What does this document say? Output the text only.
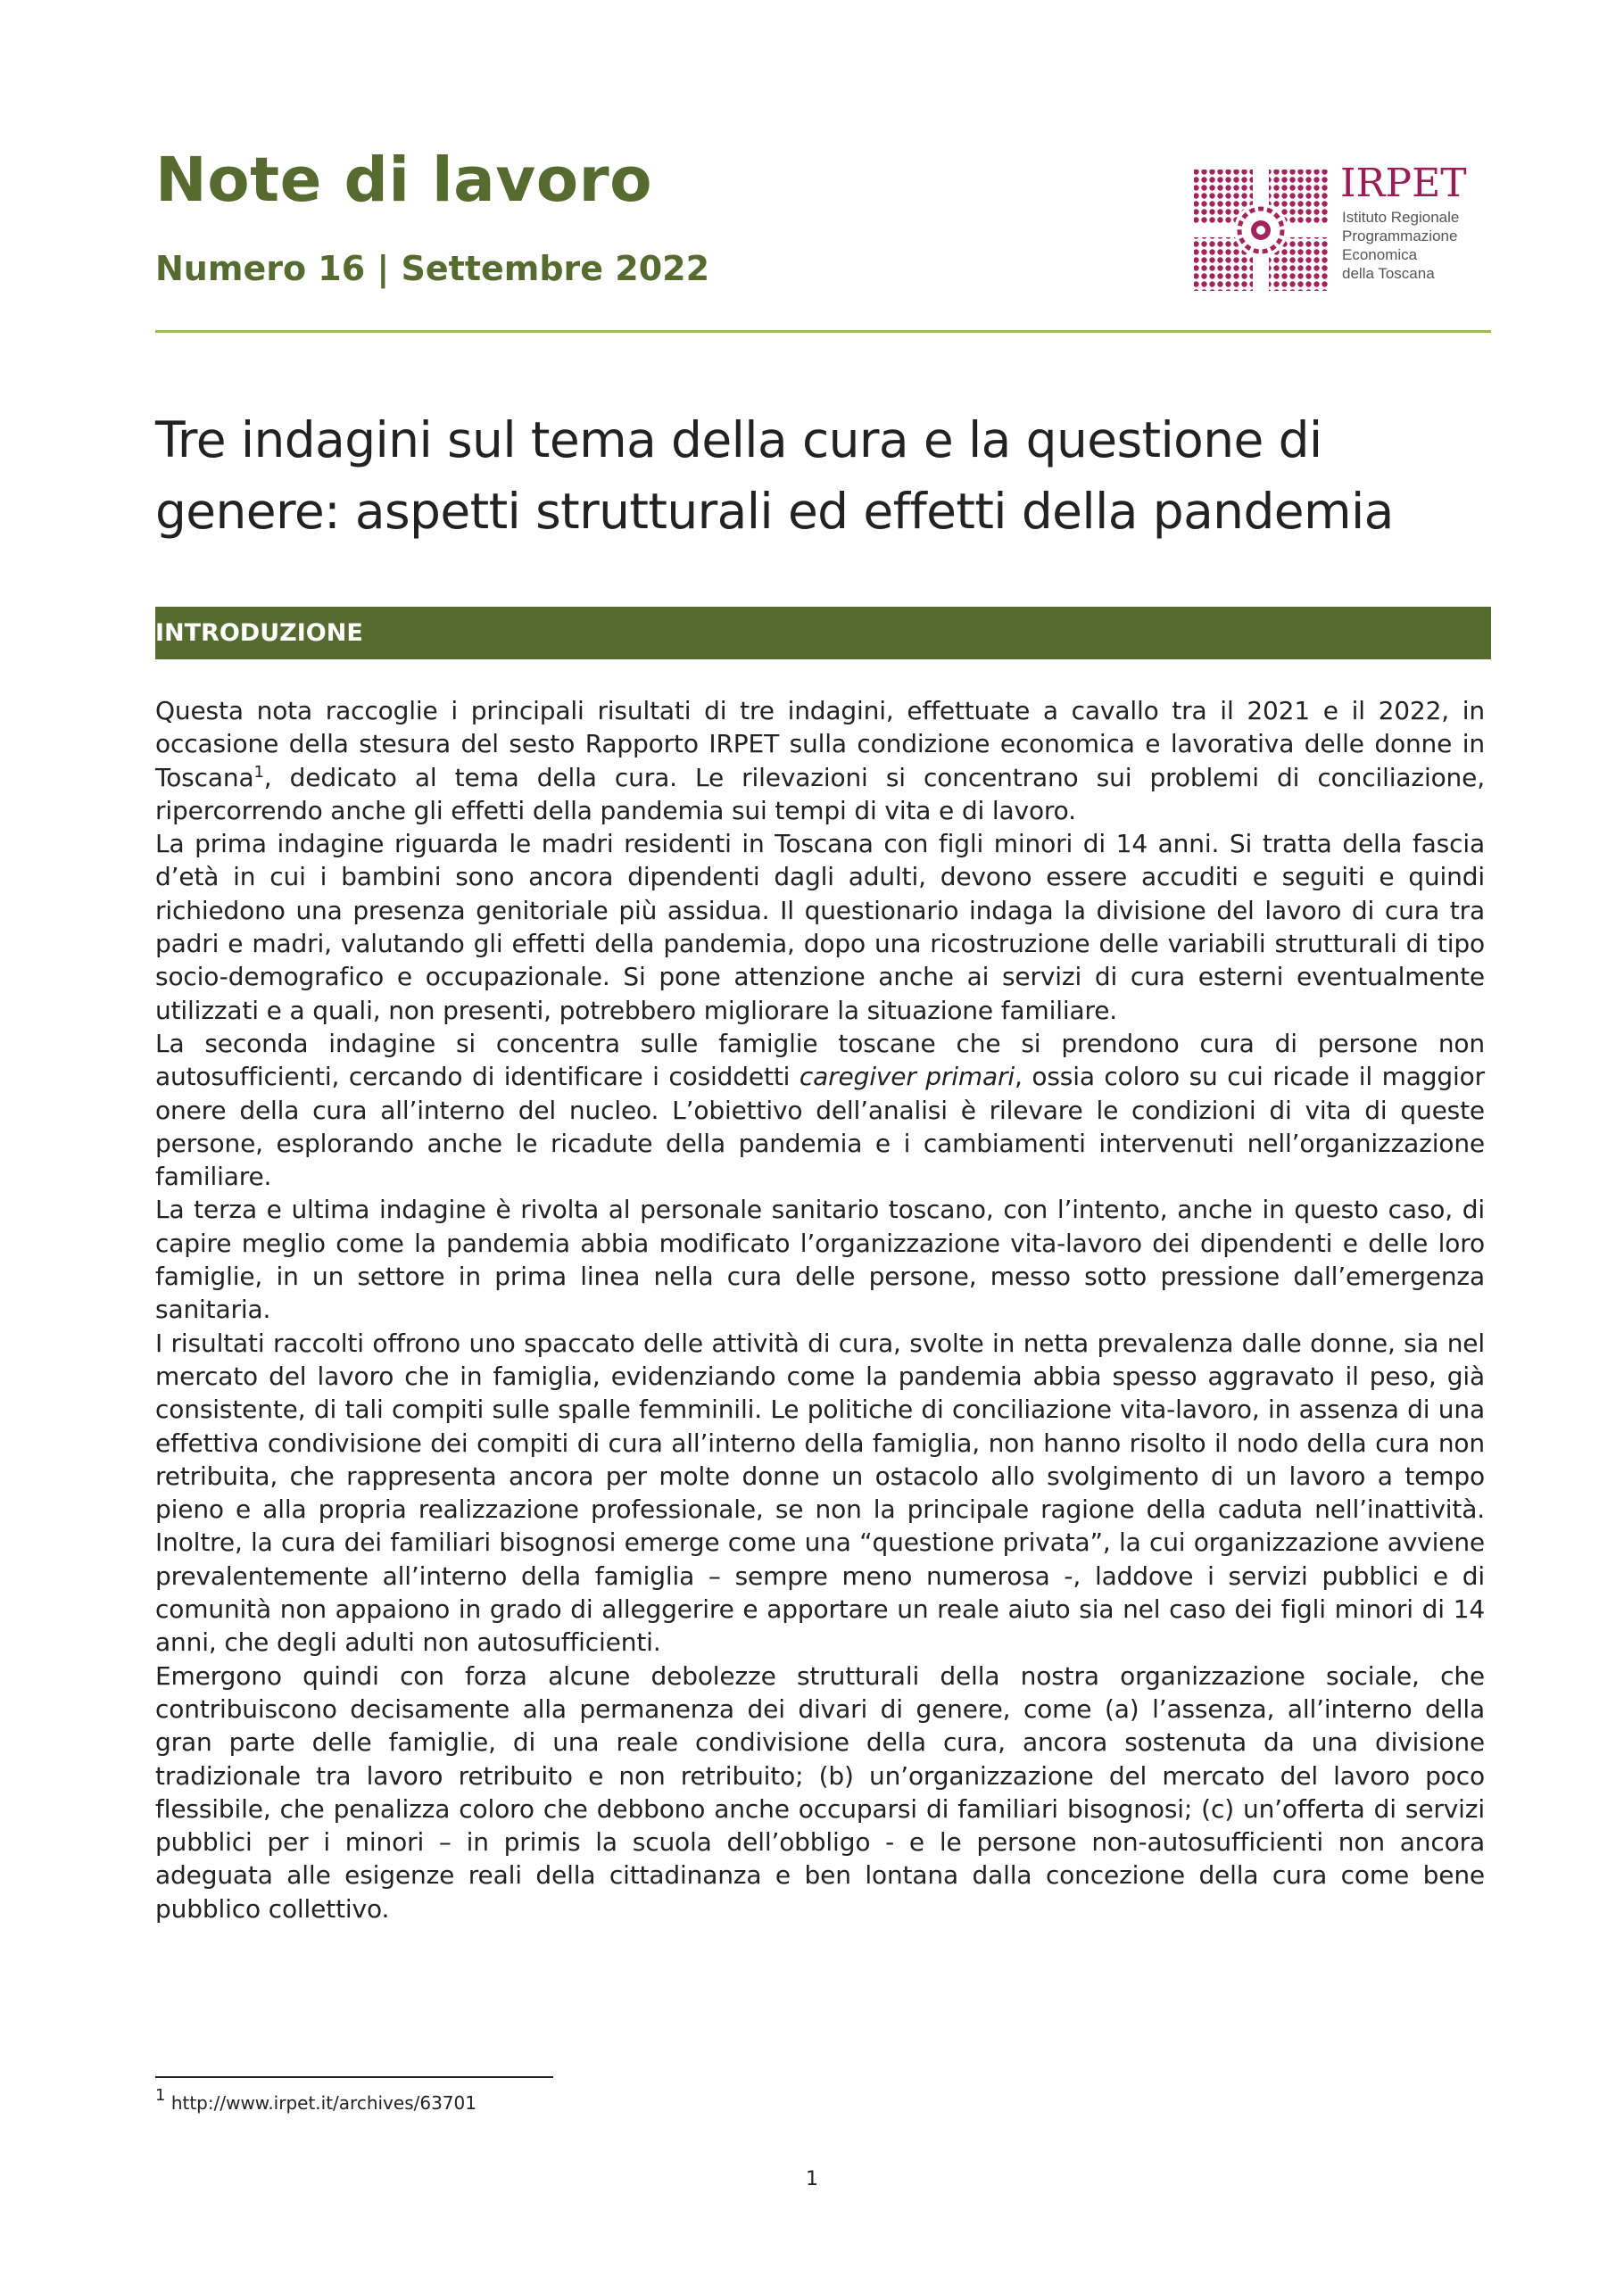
Note di lavoro
Numero 16 | Settembre 2022
IRPET
Istituto Regionale
Programmazione
Economica
della Toscana
Tre indagini sul tema della cura e la questione di genere: aspetti strutturali ed effetti della pandemia
INTRODUZIONE

Questa nota raccoglie i principali risultati di tre indagini, effettuate a cavallo tra il 2021 e il 2022, in occasione della stesura del sesto Rapporto IRPET sulla condizione economica e lavorativa delle donne in Toscana$^1$, dedicato al tema della cura. Le rilevazioni si concentrano sui problemi di conciliazione, ripercorrendo anche gli effetti della pandemia sui tempi di vita e di lavoro.

La prima indagine riguarda le madri residenti in Toscana con figli minori di 14 anni. Si tratta della fascia d’età in cui i bambini sono ancora dipendenti dagli adulti, devono essere accuditi e seguiti e quindi richiedono una presenza genitoriale più assidua. Il questionario indaga la divisione del lavoro di cura tra padri e madri, valutando gli effetti della pandemia, dopo una ricostruzione delle variabili strutturali di tipo socio-demografico e occupazionale. Si pone attenzione anche ai servizi di cura esterni eventualmente utilizzati e a quali, non presenti, potrebbero migliorare la situazione familiare.

La seconda indagine si concentra sulle famiglie toscane che si prendono cura di persone non autosufficienti, cercando di identificare i cosiddetti caregiver primari, ossia coloro su cui ricade il maggior onere della cura all’interno del nucleo. L’obiettivo dell’analisi è rilevare le condizioni di vita di queste persone, esplorando anche le ricadute della pandemia e i cambiamenti intervenuti nell’organizzazione familiare.

La terza e ultima indagine è rivolta al personale sanitario toscano, con l’intento, anche in questo caso, di capire meglio come la pandemia abbia modificato l’organizzazione vita-lavoro dei dipendenti e delle loro famiglie, in un settore in prima linea nella cura delle persone, messo sotto pressione dall’emergenza sanitaria.

I risultati raccolti offrono uno spaccato delle attività di cura, svolte in netta prevalenza dalle donne, sia nel mercato del lavoro che in famiglia, evidenziando come la pandemia abbia spesso aggravato il peso, già consistente, di tali compiti sulle spalle femminili. Le politiche di conciliazione vita-lavoro, in assenza di una effettiva condivisione dei compiti di cura all’interno della famiglia, non hanno risolto il nodo della cura non retribuita, che rappresenta ancora per molte donne un ostacolo allo svolgimento di un lavoro a tempo pieno e alla propria realizzazione professionale, se non la principale ragione della caduta nell’inattività. Inoltre, la cura dei familiari bisognosi emerge come una “questione privata”, la cui organizzazione avviene prevalentemente all’interno della famiglia – sempre meno numerosa -, laddove i servizi pubblici e di comunità non appaiono in grado di alleggerire e apportare un reale aiuto sia nel caso dei figli minori di 14 anni, che degli adulti non autosufficienti.

Emergono quindi con forza alcune debolezze strutturali della nostra organizzazione sociale, che contribuiscono decisamente alla permanenza dei divari di genere, come (a) l’assenza, all’interno della gran parte delle famiglie, di una reale condivisione della cura, ancora sostenuta da una divisione tradizionale tra lavoro retribuito e non retribuito; (b) un’organizzazione del mercato del lavoro poco flessibile, che penalizza coloro che debbono anche occuparsi di familiari bisognosi; (c) un’offerta di servizi pubblici per i minori – in primis la scuola dell’obbligo - e le persone non-autosufficienti non ancora adeguata alle esigenze reali della cittadinanza e ben lontana dalla concezione della cura come bene pubblico collettivo.

$^1$ http://www.irpet.it/archives/63701
1
